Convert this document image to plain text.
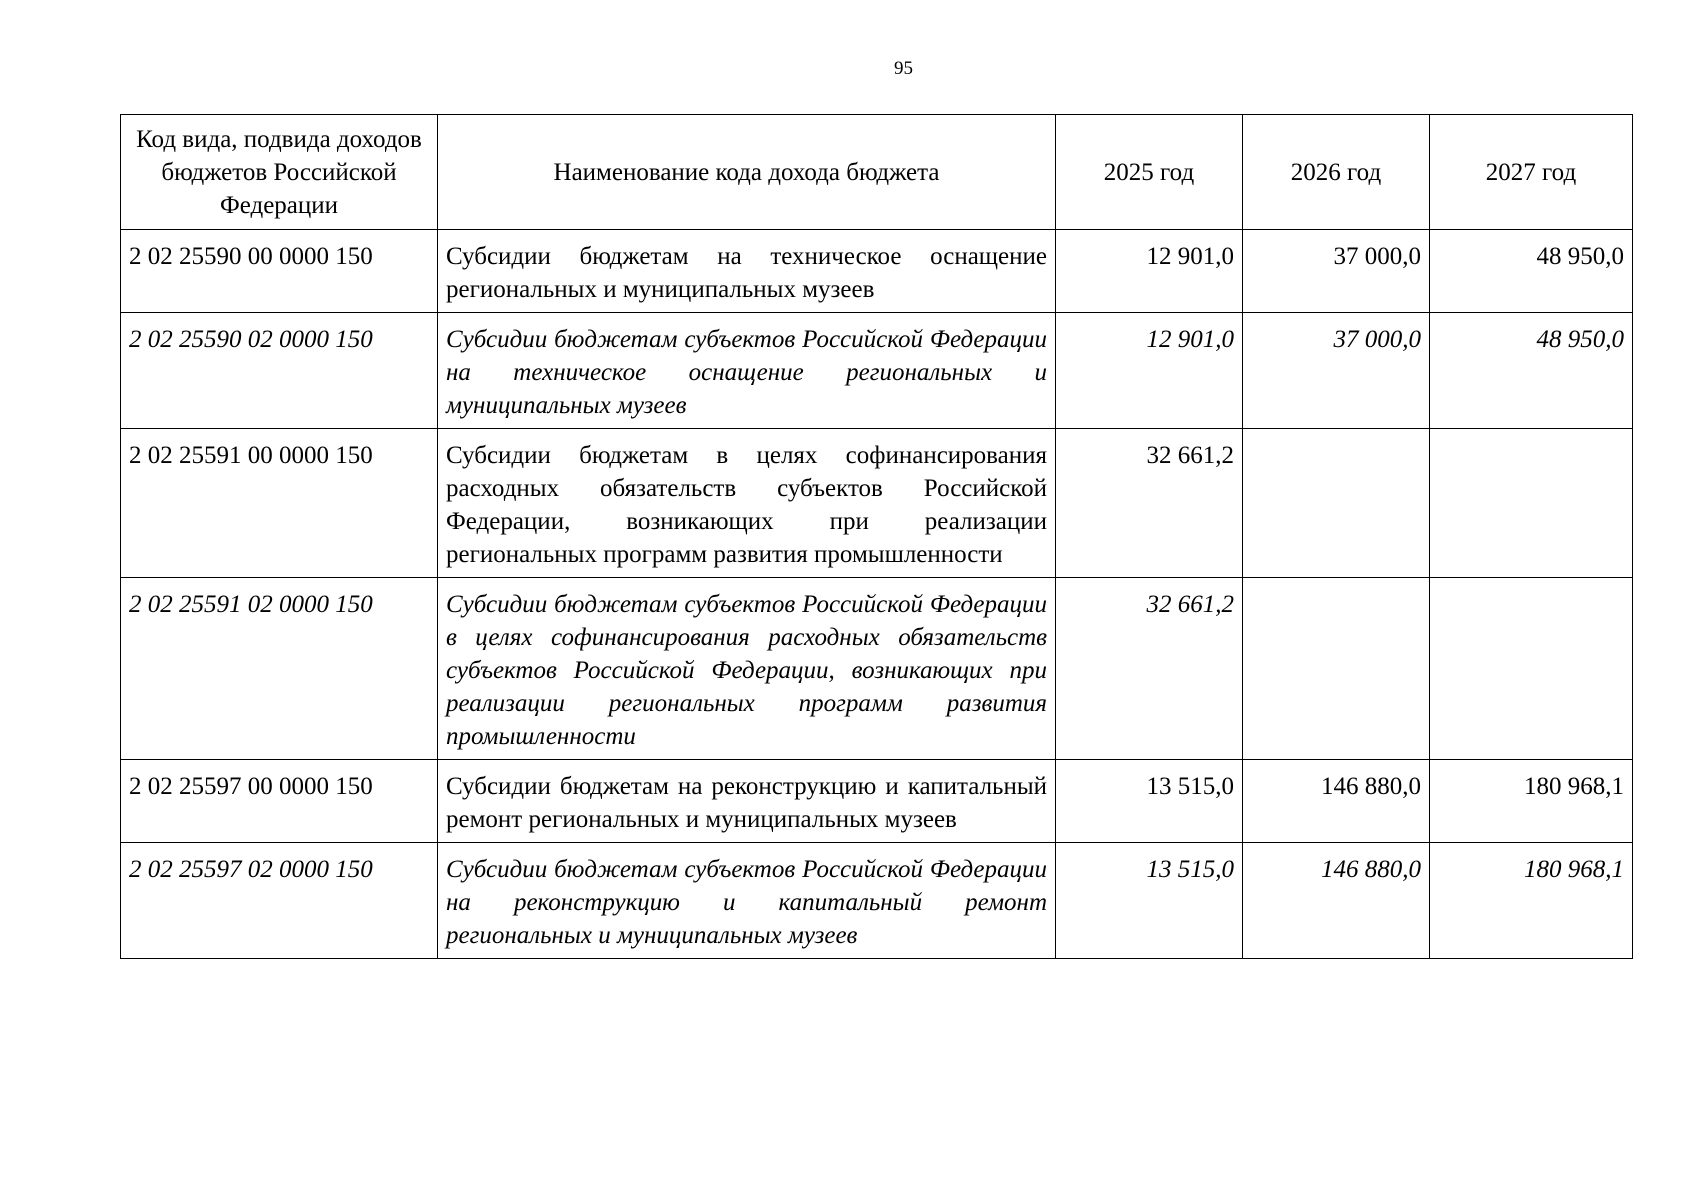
95
Код вида, подвида доходов бюджетов Российской Федерации	Наименование кода дохода бюджета	2025 год	2026 год	2027 год
2 02 25590 00 0000 150	Субсидии бюджетам на техническое оснащение региональных и муниципальных музеев	12 901,0	37 000,0	48 950,0
2 02 25590 02 0000 150	Субсидии бюджетам субъектов Российской Федерации на техническое оснащение региональных и муниципальных музеев	12 901,0	37 000,0	48 950,0
2 02 25591 00 0000 150	Субсидии бюджетам в целях софинансирования расходных обязательств субъектов Российской Федерации, возникающих при реализации региональных программ развития промышленности	32 661,2		
2 02 25591 02 0000 150	Субсидии бюджетам субъектов Российской Федерации в целях софинансирования расходных обязательств субъектов Российской Федерации, возникающих при реализации региональных программ развития промышленности	32 661,2		
2 02 25597 00 0000 150	Субсидии бюджетам на реконструкцию и капитальный ремонт региональных и муниципальных музеев	13 515,0	146 880,0	180 968,1
2 02 25597 02 0000 150	Субсидии бюджетам субъектов Российской Федерации на реконструкцию и капитальный ремонт региональных и муниципальных музеев	13 515,0	146 880,0	180 968,1
